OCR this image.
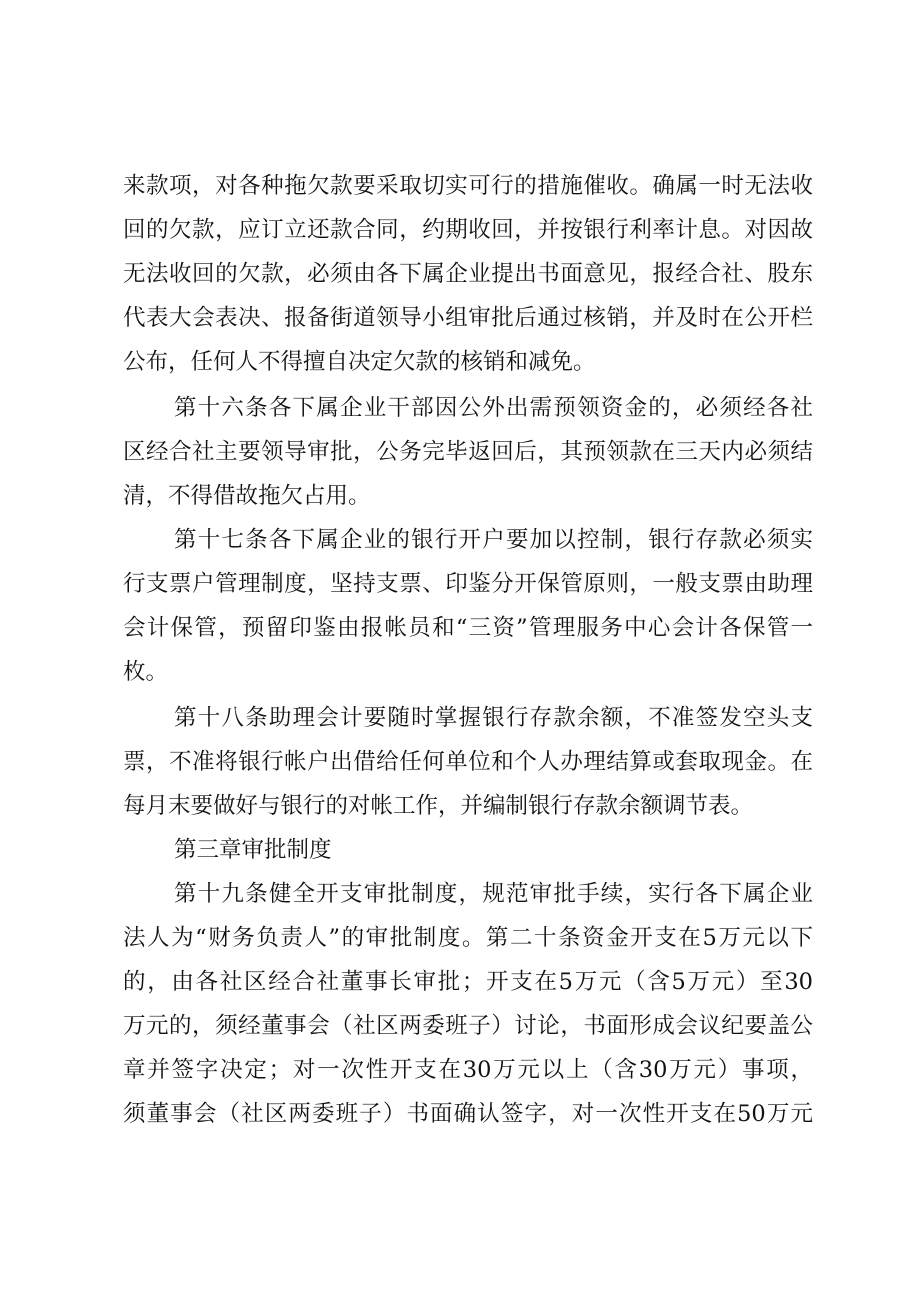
来款项，对各种拖欠款要采取切实可行的措施催收。确属一时无法收
回的欠款，应订立还款合同，约期收回，并按银行利率计息。对因故
无法收回的欠款，必须由各下属企业提出书面意见，报经合社、股东
代表大会表决、报备街道领导小组审批后通过核销，并及时在公开栏
公布，任何人不得擅自决定欠款的核销和减免。
第十六条各下属企业干部因公外出需预领资金的，必须经各社
区经合社主要领导审批，公务完毕返回后，其预领款在三天内必须结
清，不得借故拖欠占用。
第十七条各下属企业的银行开户要加以控制，银行存款必须实
行支票户管理制度，坚持支票、印鉴分开保管原则，一般支票由助理
会计保管，预留印鉴由报帐员和“三资”管理服务中心会计各保管一
枚。
第十八条助理会计要随时掌握银行存款余额，不准签发空头支
票，不准将银行帐户出借给任何单位和个人办理结算或套取现金。在
每月末要做好与银行的对帐工作，并编制银行存款余额调节表。
第三章审批制度
第十九条健全开支审批制度，规范审批手续，实行各下属企业
法人为“财务负责人”的审批制度。第二十条资金开支在5万元以下
的，由各社区经合社董事长审批；开支在5万元（含5万元）至30
万元的，须经董事会（社区两委班子）讨论，书面形成会议纪要盖公
章并签字决定；对一次性开支在30万元以上（含30万元）事项，
须董事会（社区两委班子）书面确认签字，对一次性开支在50万元
